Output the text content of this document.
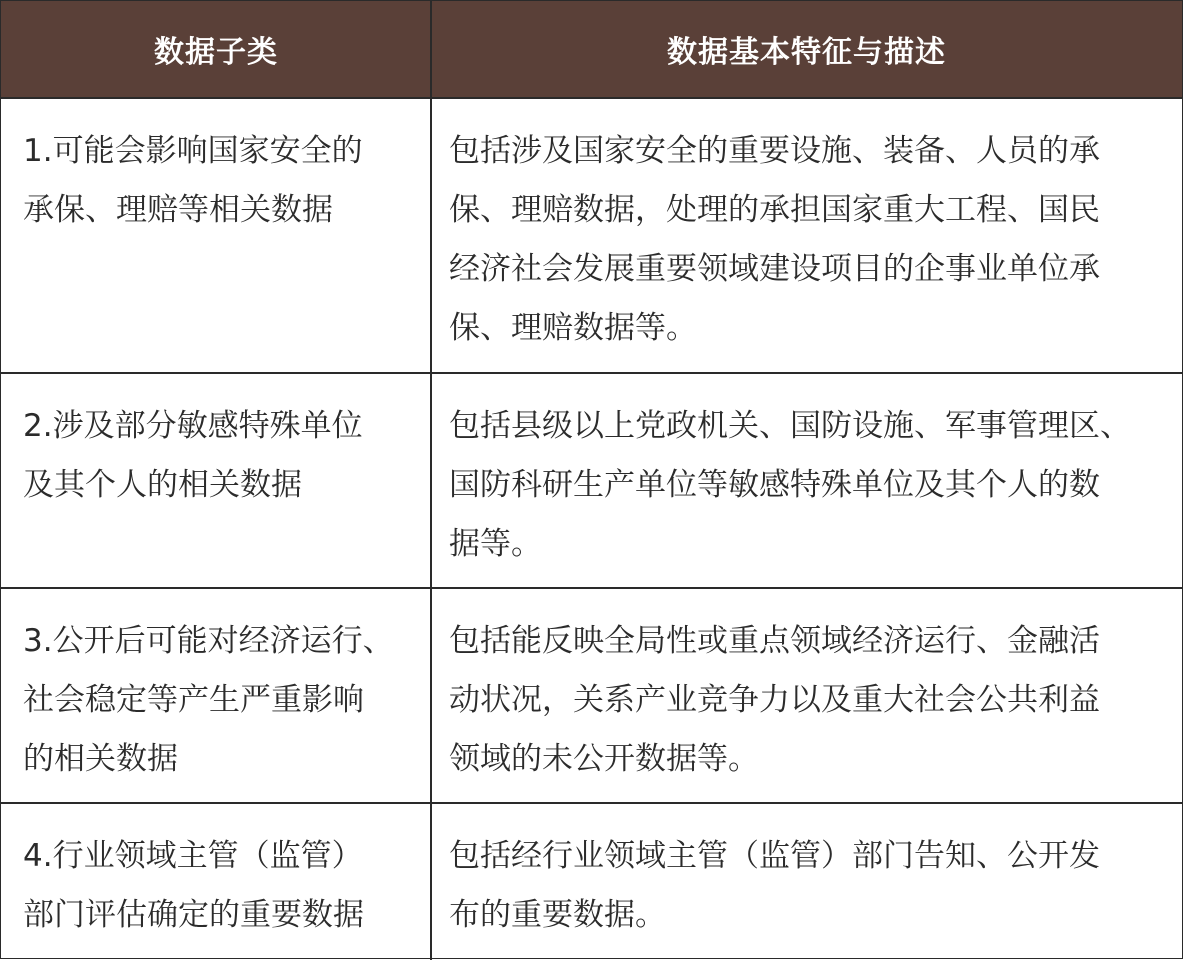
数据子类	数据基本特征与描述
1.可能会影响国家安全的
承保、理赔等相关数据
包括涉及国家安全的重要设施、装备、人员的承
保、理赔数据，处理的承担国家重大工程、国民
经济社会发展重要领域建设项目的企事业单位承
保、理赔数据等。
2.涉及部分敏感特殊单位
及其个人的相关数据
包括县级以上党政机关、国防设施、军事管理区、
国防科研生产单位等敏感特殊单位及其个人的数
据等。
3.公开后可能对经济运行、
社会稳定等产生严重影响
的相关数据
包括能反映全局性或重点领域经济运行、金融活
动状况，关系产业竞争力以及重大社会公共利益
领域的未公开数据等。
4.行业领域主管（监管）
部门评估确定的重要数据
包括经行业领域主管（监管）部门告知、公开发
布的重要数据。
